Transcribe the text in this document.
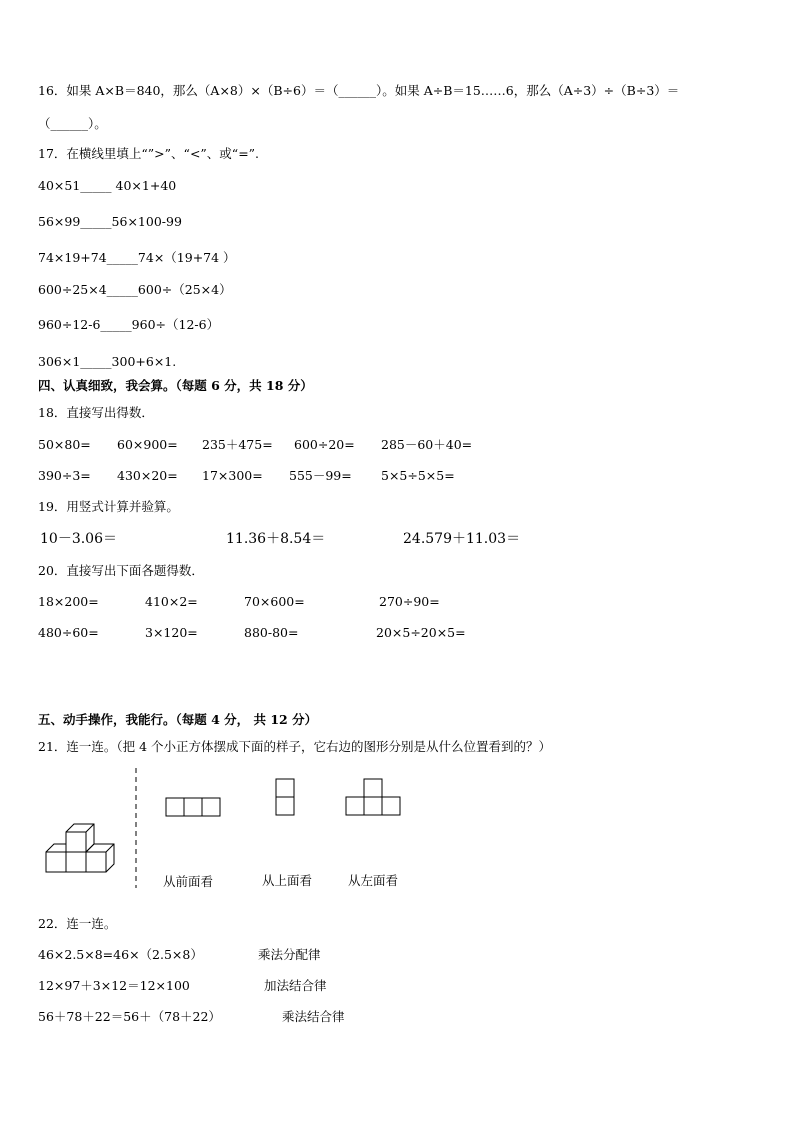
16．如果 A×B＝840，那么（A×8）×（B÷6）＝（______）。如果 A÷B＝15……6，那么（A÷3）÷（B÷3）＝
（______）。
17．在横线里填上“”>”、“<”、或“=”.
40×51_____ 40×1+40
56×99_____56×100-99
74×19+74_____74×（19+74 ）
600÷25×4_____600÷（25×4）
960÷12-6_____960÷（12-6）
306×1_____300+6×1.
四、认真细致，我会算。（每题 6 分，共 18 分）
18．直接写出得数．
50×80= 60×900= 235＋475= 600÷20= 285－60＋40=
390÷3= 430×20= 17×300= 555－99= 5×5÷5×5=
19．用竖式计算并验算。
10－3.06＝	11.36＋8.54＝	24.579＋11.03＝
20．直接写出下面各题得数．
18×200=	410×2=	70×600=	270÷90=
480÷60=	3×120=	880-80=	20×5÷20×5=
五、动手操作，我能行。（每题 4 分， 共 12 分）
21．连一连。（把 4 个小正方体摆成下面的样子，它右边的图形分别是从什么位置看到的？）
从前面看	从上面看	从左面看
22．连一连。
46×2.5×8=46×（2.5×8）	乘法分配律
12×97＋3×12＝12×100	加法结合律
56＋78＋22＝56＋（78＋22）	乘法结合律
